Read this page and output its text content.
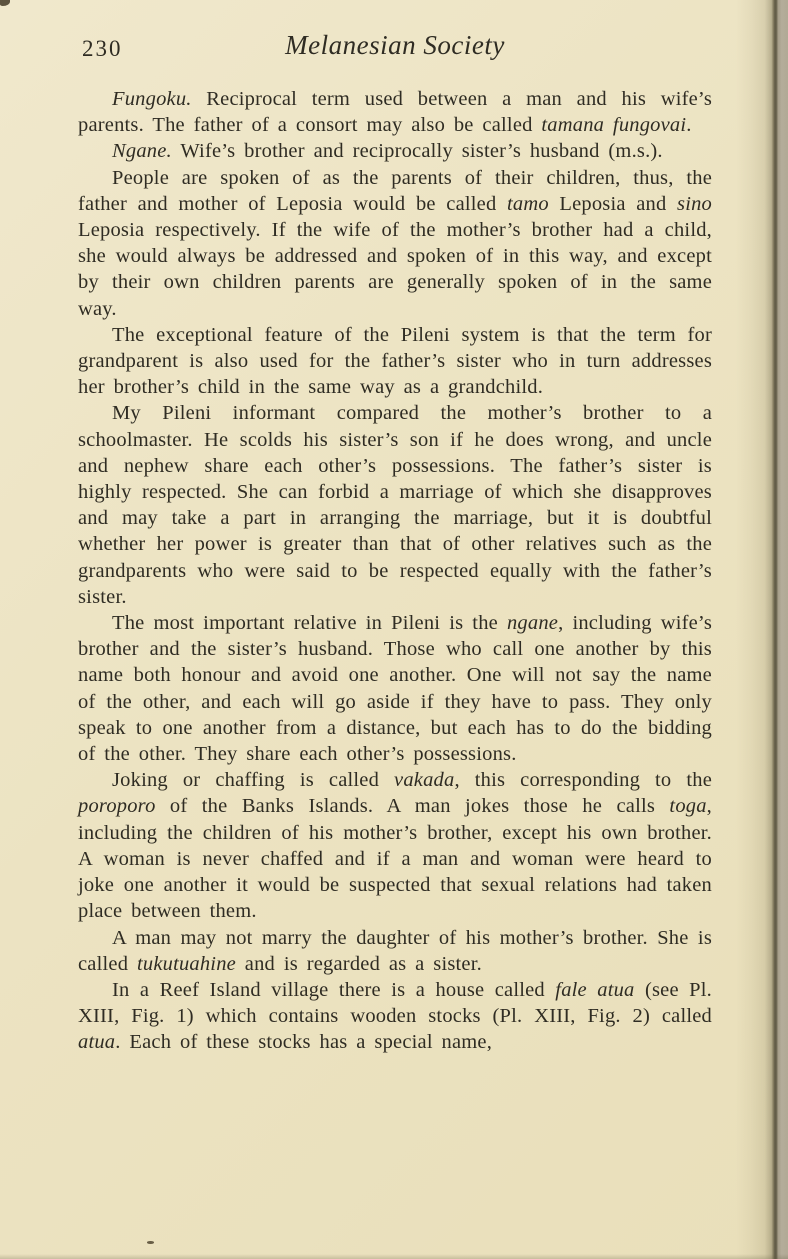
230	Melanesian Society

Fungoku. Reciprocal term used between a man and his wife’s parents. The father of a consort may also be called tamana fungovai.

Ngane. Wife’s brother and reciprocally sister’s husband (m.s.).

People are spoken of as the parents of their children, thus, the father and mother of Leposia would be called tamo Leposia and sino Leposia respectively. If the wife of the mother’s brother had a child, she would always be addressed and spoken of in this way, and except by their own children parents are generally spoken of in the same way.

The exceptional feature of the Pileni system is that the term for grandparent is also used for the father’s sister who in turn addresses her brother’s child in the same way as a grandchild.

My Pileni informant compared the mother’s brother to a schoolmaster. He scolds his sister’s son if he does wrong, and uncle and nephew share each other’s possessions. The father’s sister is highly respected. She can forbid a marriage of which she disapproves and may take a part in arranging the marriage, but it is doubtful whether her power is greater than that of other relatives such as the grandparents who were said to be respected equally with the father’s sister.

The most important relative in Pileni is the ngane, including wife’s brother and the sister’s husband. Those who call one another by this name both honour and avoid one another. One will not say the name of the other, and each will go aside if they have to pass. They only speak to one another from a distance, but each has to do the bidding of the other. They share each other’s possessions.

Joking or chaffing is called vakada, this corresponding to the poroporo of the Banks Islands. A man jokes those he calls toga, including the children of his mother’s brother, except his own brother. A woman is never chaffed and if a man and woman were heard to joke one another it would be suspected that sexual relations had taken place between them.

A man may not marry the daughter of his mother’s brother. She is called tukutuahine and is regarded as a sister.

In a Reef Island village there is a house called fale atua (see Pl. XIII, Fig. 1) which contains wooden stocks (Pl. XIII, Fig. 2) called atua. Each of these stocks has a special name,
